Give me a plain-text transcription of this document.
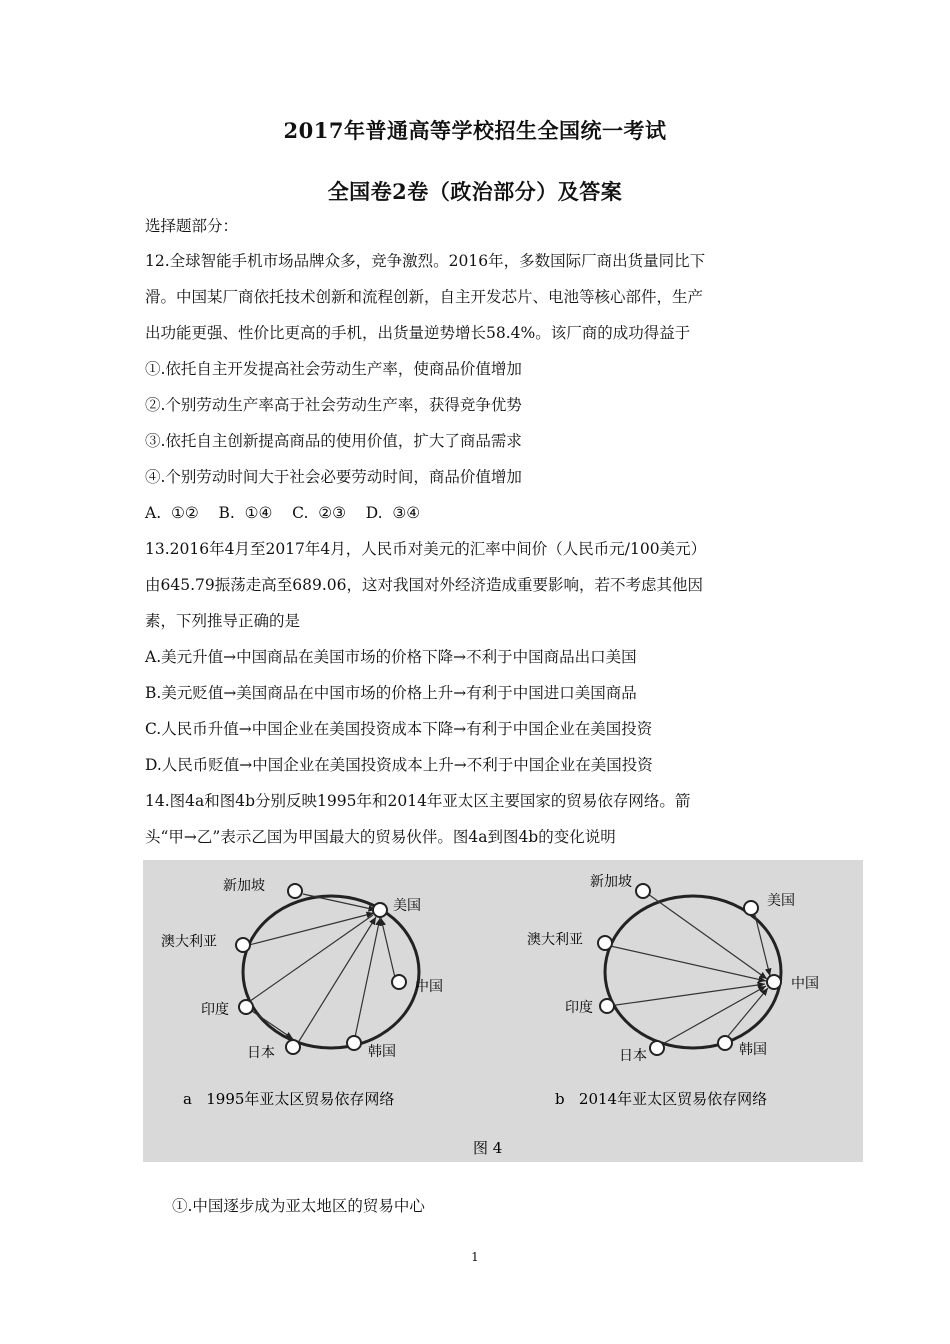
2017年普通高等学校招生全国统一考试
全国卷2卷（政治部分）及答案
选择题部分：
12.全球智能手机市场品牌众多，竞争激烈。2016年，多数国际厂商出货量同比下
滑。中国某厂商依托技术创新和流程创新，自主开发芯片、电池等核心部件，生产
出功能更强、性价比更高的手机，出货量逆势增长58.4%。该厂商的成功得益于
①.依托自主开发提高社会劳动生产率，使商品价值增加
②.个别劳动生产率高于社会劳动生产率，获得竞争优势
③.依托自主创新提高商品的使用价值，扩大了商品需求
④.个别劳动时间大于社会必要劳动时间，商品价值增加
A.  ①②    B.  ①④    C.  ②③    D.  ③④
13.2016年4月至2017年4月，人民币对美元的汇率中间价（人民币元/100美元）
由645.79振荡走高至689.06，这对我国对外经济造成重要影响，若不考虑其他因
素，下列推导正确的是
A.美元升值→中国商品在美国市场的价格下降→不利于中国商品出口美国
B.美元贬值→美国商品在中国市场的价格上升→有利于中国进口美国商品
C.人民币升值→中国企业在美国投资成本下降→有利于中国企业在美国投资
D.人民币贬值→中国企业在美国投资成本上升→不利于中国企业在美国投资
14.图4a和图4b分别反映1995年和2014年亚太区主要国家的贸易依存网络。箭
头“甲→乙”表示乙国为甲国最大的贸易伙伴。图4a到图4b的变化说明
新加坡
美国
澳大利亚
中国
印度
日本	韩国
新加坡
美国
澳大利亚
中国
印度
日本	韩国
a   1995年亚太区贸易依存网络	b   2014年亚太区贸易依存网络
图 4
①.中国逐步成为亚太地区的贸易中心
1
